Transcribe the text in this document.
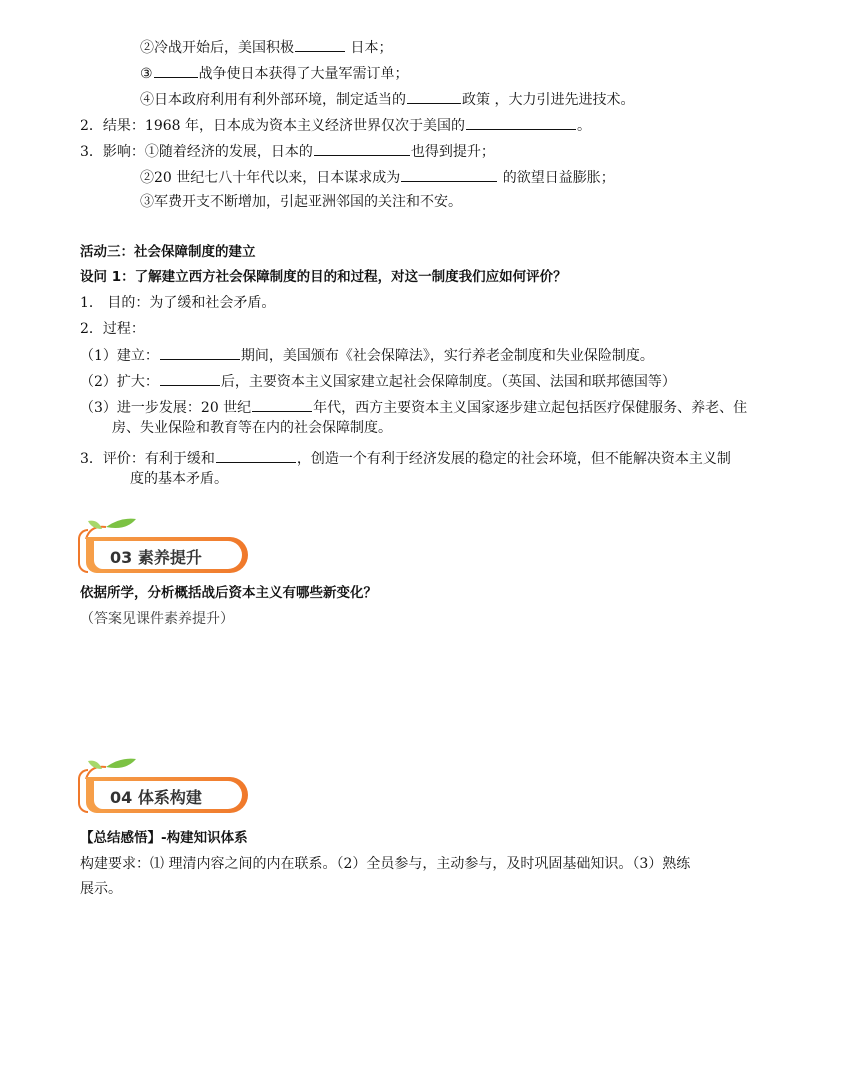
②冷战开始后，美国积极	日本；
③	战争使日本获得了大量军需订单；
④日本政府利用有利外部环境，制定适当的	政策 ，大力引进先进技术。
2．结果：1968 年，日本成为资本主义经济世界仅次于美国的	。
3．影响：①随着经济的发展，日本的	也得到提升；
②20 世纪七八十年代以来，日本谋求成为	的欲望日益膨胀；
③军费开支不断增加，引起亚洲邻国的关注和不安。
活动三：社会保障制度的建立
设问 1：了解建立西方社会保障制度的目的和过程，对这一制度我们应如何评价？
1． 目的：为了缓和社会矛盾。
2．过程：
（1）建立：	期间，美国颁布《社会保障法》，实行养老金制度和失业保险制度。
（2）扩大：	后，主要资本主义国家建立起社会保障制度。（英国、法国和联邦德国等）
（3）进一步发展：20 世纪	年代，西方主要资本主义国家逐步建立起包括医疗保健服务、养老、住
房、失业保险和教育等在内的社会保障制度。
3．评价：有利于缓和	，创造一个有利于经济发展的稳定的社会环境，但不能解决资本主义制
度的基本矛盾。
03 素养提升
依据所学，分析概括战后资本主义有哪些新变化？
（答案见课件素养提升）
04 体系构建
【总结感悟】-构建知识体系
构建要求：⑴ 理清内容之间的内在联系。（2）全员参与，主动参与，及时巩固基础知识。（3）熟练
展示。
